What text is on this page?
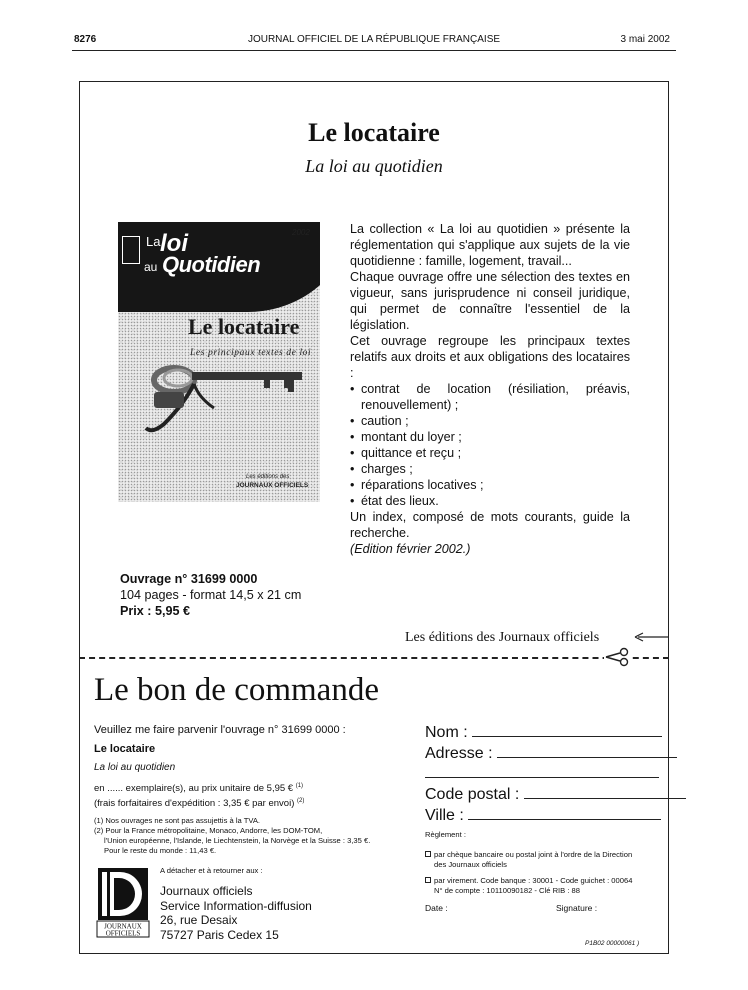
8276	JOURNAL OFFICIEL DE LA RÉPUBLIQUE FRANÇAISE	3 mai 2002
Le locataire
La loi au quotidien
La loi
au Quotidien
2002
Le locataire
Les principaux textes de loi
Les éditions des
JOURNAUX OFFICIELS

La collection « La loi au quotidien » présente la réglementation qui s'applique aux sujets de la vie quotidienne : famille, logement, travail...

Chaque ouvrage offre une sélection des textes en vigueur, sans jurisprudence ni conseil juridique, qui permet de connaître l'essentiel de la législation.

Cet ouvrage regroupe les principaux textes relatifs aux droits et aux obligations des locataires :

• contrat de location (résiliation, préavis, renouvellement) ;
• caution ;
• montant du loyer ;
• quittance et reçu ;
• charges ;
• réparations locatives ;
• état des lieux.

Un index, composé de mots courants, guide la recherche.

(Edition février 2002.)

Ouvrage n° 31699 0000
104 pages - format 14,5 x 21 cm
Prix : 5,95 €
Les éditions des Journaux officiels
Le bon de commande
Veuillez me faire parvenir l'ouvrage n° 31699 0000 :
Le locataire
La loi au quotidien
en ...... exemplaire(s), au prix unitaire de 5,95 € $^{(1)}$
(frais forfaitaires d'expédition : 3,35 € par envoi) $^{(2)}$
(1) Nos ouvrages ne sont pas assujettis à la TVA.
(2) Pour la France métropolitaine, Monaco, Andorre, les DOM-TOM,
l'Union européenne, l'Islande, le Liechtenstein, la Norvège et la Suisse : 3,35 €.
Pour le reste du monde : 11,43 €.
A détacher et à retourner aux :
JOURNAUX
OFFICIELS
Journaux officiels
Service Information-diffusion
26, rue Desaix
75727 Paris Cedex 15
Nom :
Adresse :
Code postal :
Ville :
Règlement :
par chèque bancaire ou postal joint à l'ordre de la Direction
des Journaux officiels
par virement. Code banque : 30001 - Code guichet : 00064
N° de compte : 10110090182 - Clé RIB : 88
Date :	Signature :
P1B02 00000061 )
